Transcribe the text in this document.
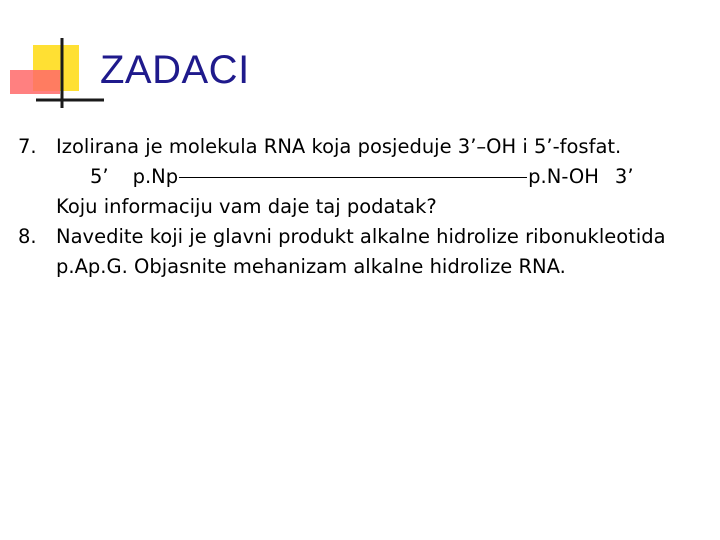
ZADACI
7. Izolirana je molekula RNA koja posjeduje 3’–OH i 5’-fosfat.
5’ p.Np	p.N-OH 3’
Koju informaciju vam daje taj podatak?
8. Navedite koji je glavni produkt alkalne hidrolize ribonukleotida p.Ap.G. Objasnite mehanizam alkalne hidrolize RNA.
